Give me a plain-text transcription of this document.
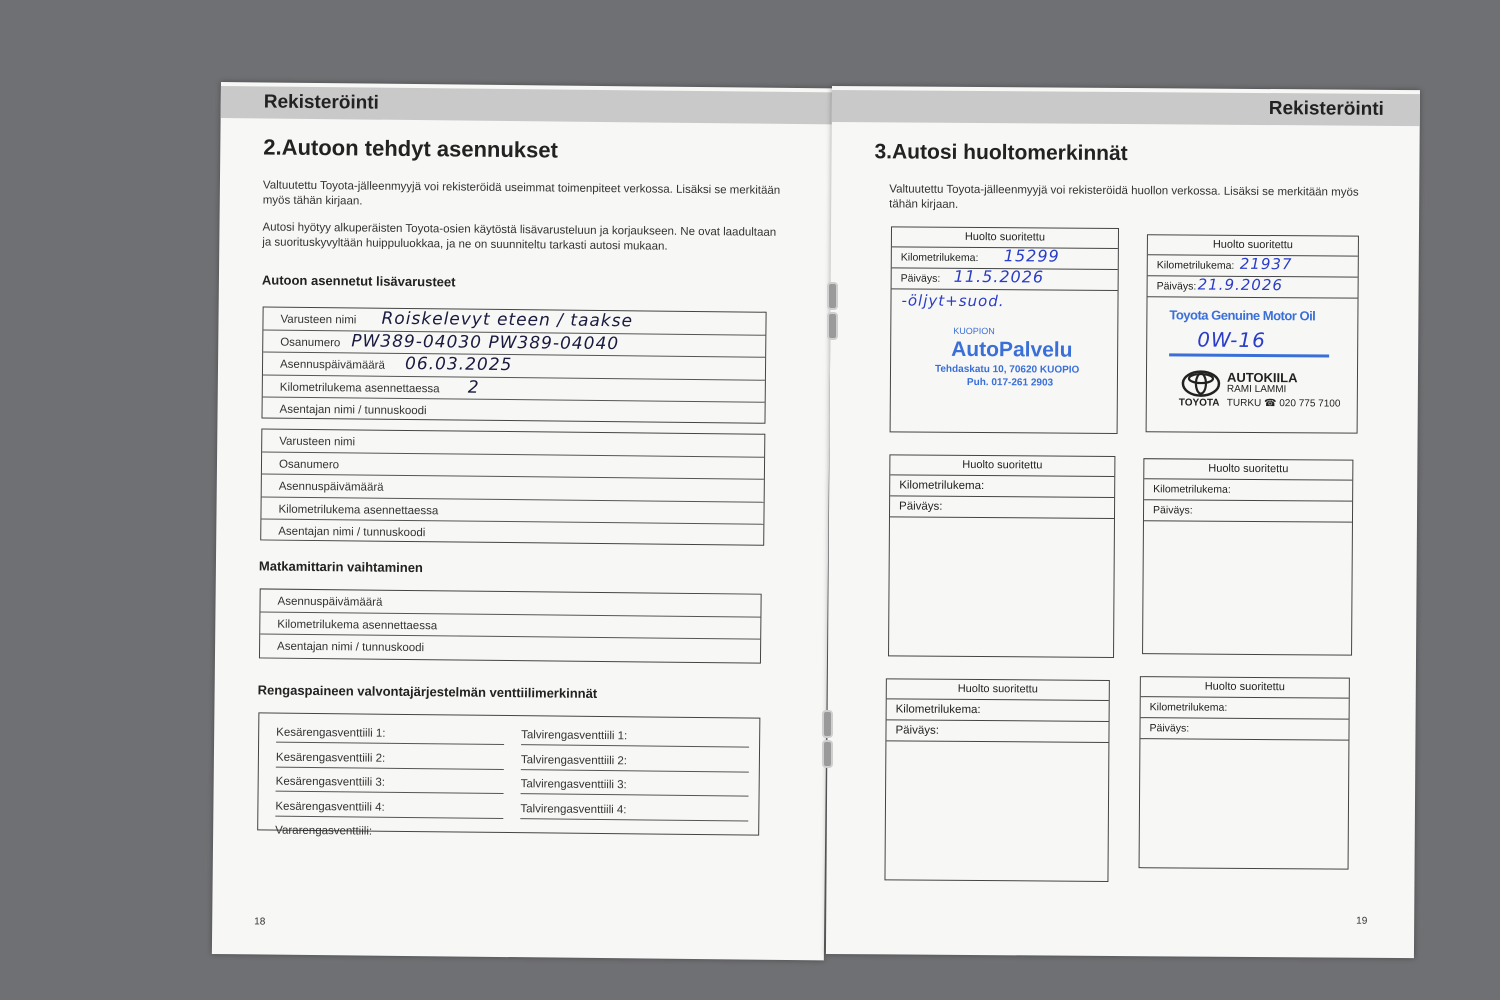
Rekisteröinti
2.Autoon tehdyt asennukset

Valtuutettu Toyota-jälleenmyyjä voi rekisteröidä useimmat toimenpiteet verkossa. Lisäksi se merkitään myös tähän kirjaan.

Autosi hyötyy alkuperäisten Toyota-osien käytöstä lisävarusteluun ja korjaukseen. Ne ovat laadultaan ja suorituskyvyltään huippuluokkaa, ja ne on suunniteltu tarkasti autosi mukaan.

Autoon asennetut lisävarusteet

Varusteen nimi Roiskelevyt eteen / taakse
Osanumero PW389-04030 PW389-04040
Asennuspäivämäärä 06.03.2025
Kilometrilukema asennettaessa 2
Asentajan nimi / tunnuskoodi
Varusteen nimi
Osanumero
Asennuspäivämäärä
Kilometrilukema asennettaessa
Asentajan nimi / tunnuskoodi

Matkamittarin vaihtaminen

Asennuspäivämäärä
Kilometrilukema asennettaessa
Asentajan nimi / tunnuskoodi

Rengaspaineen valvontajärjestelmän venttiilimerkinnät

Kesärengasventtiili 1:
Kesärengasventtiili 2:
Kesärengasventtiili 3:
Kesärengasventtiili 4:
Vararengasventtiili:
Talvirengasventtiili 1:
Talvirengasventtiili 2:
Talvirengasventtiili 3:
Talvirengasventtiili 4:
18
Rekisteröinti
3.Autosi huoltomerkinnät

Valtuutettu Toyota-jälleenmyyjä voi rekisteröidä huollon verkossa. Lisäksi se merkitään myös tähän kirjaan.

Huolto suoritettu
Kilometrilukema: 15299
Päiväys: 11.5.2026
-öljyt+suod.
KUOPION
AutoPalvelu
Tehdaskatu 10, 70620 KUOPIO
Puh. 017-261 2903
Huolto suoritettu
Kilometrilukema: 21937
Päiväys: 21.9.2026
Toyota Genuine Motor Oil
0W-16
AUTOKIILA
RAMI LAMMI
TOYOTA TURKU ☎ 020 775 7100
Huolto suoritettu
Kilometrilukema:
Päiväys:
Huolto suoritettu
Kilometrilukema:
Päiväys:
Huolto suoritettu
Kilometrilukema:
Päiväys:
Huolto suoritettu
Kilometrilukema:
Päiväys:
19
